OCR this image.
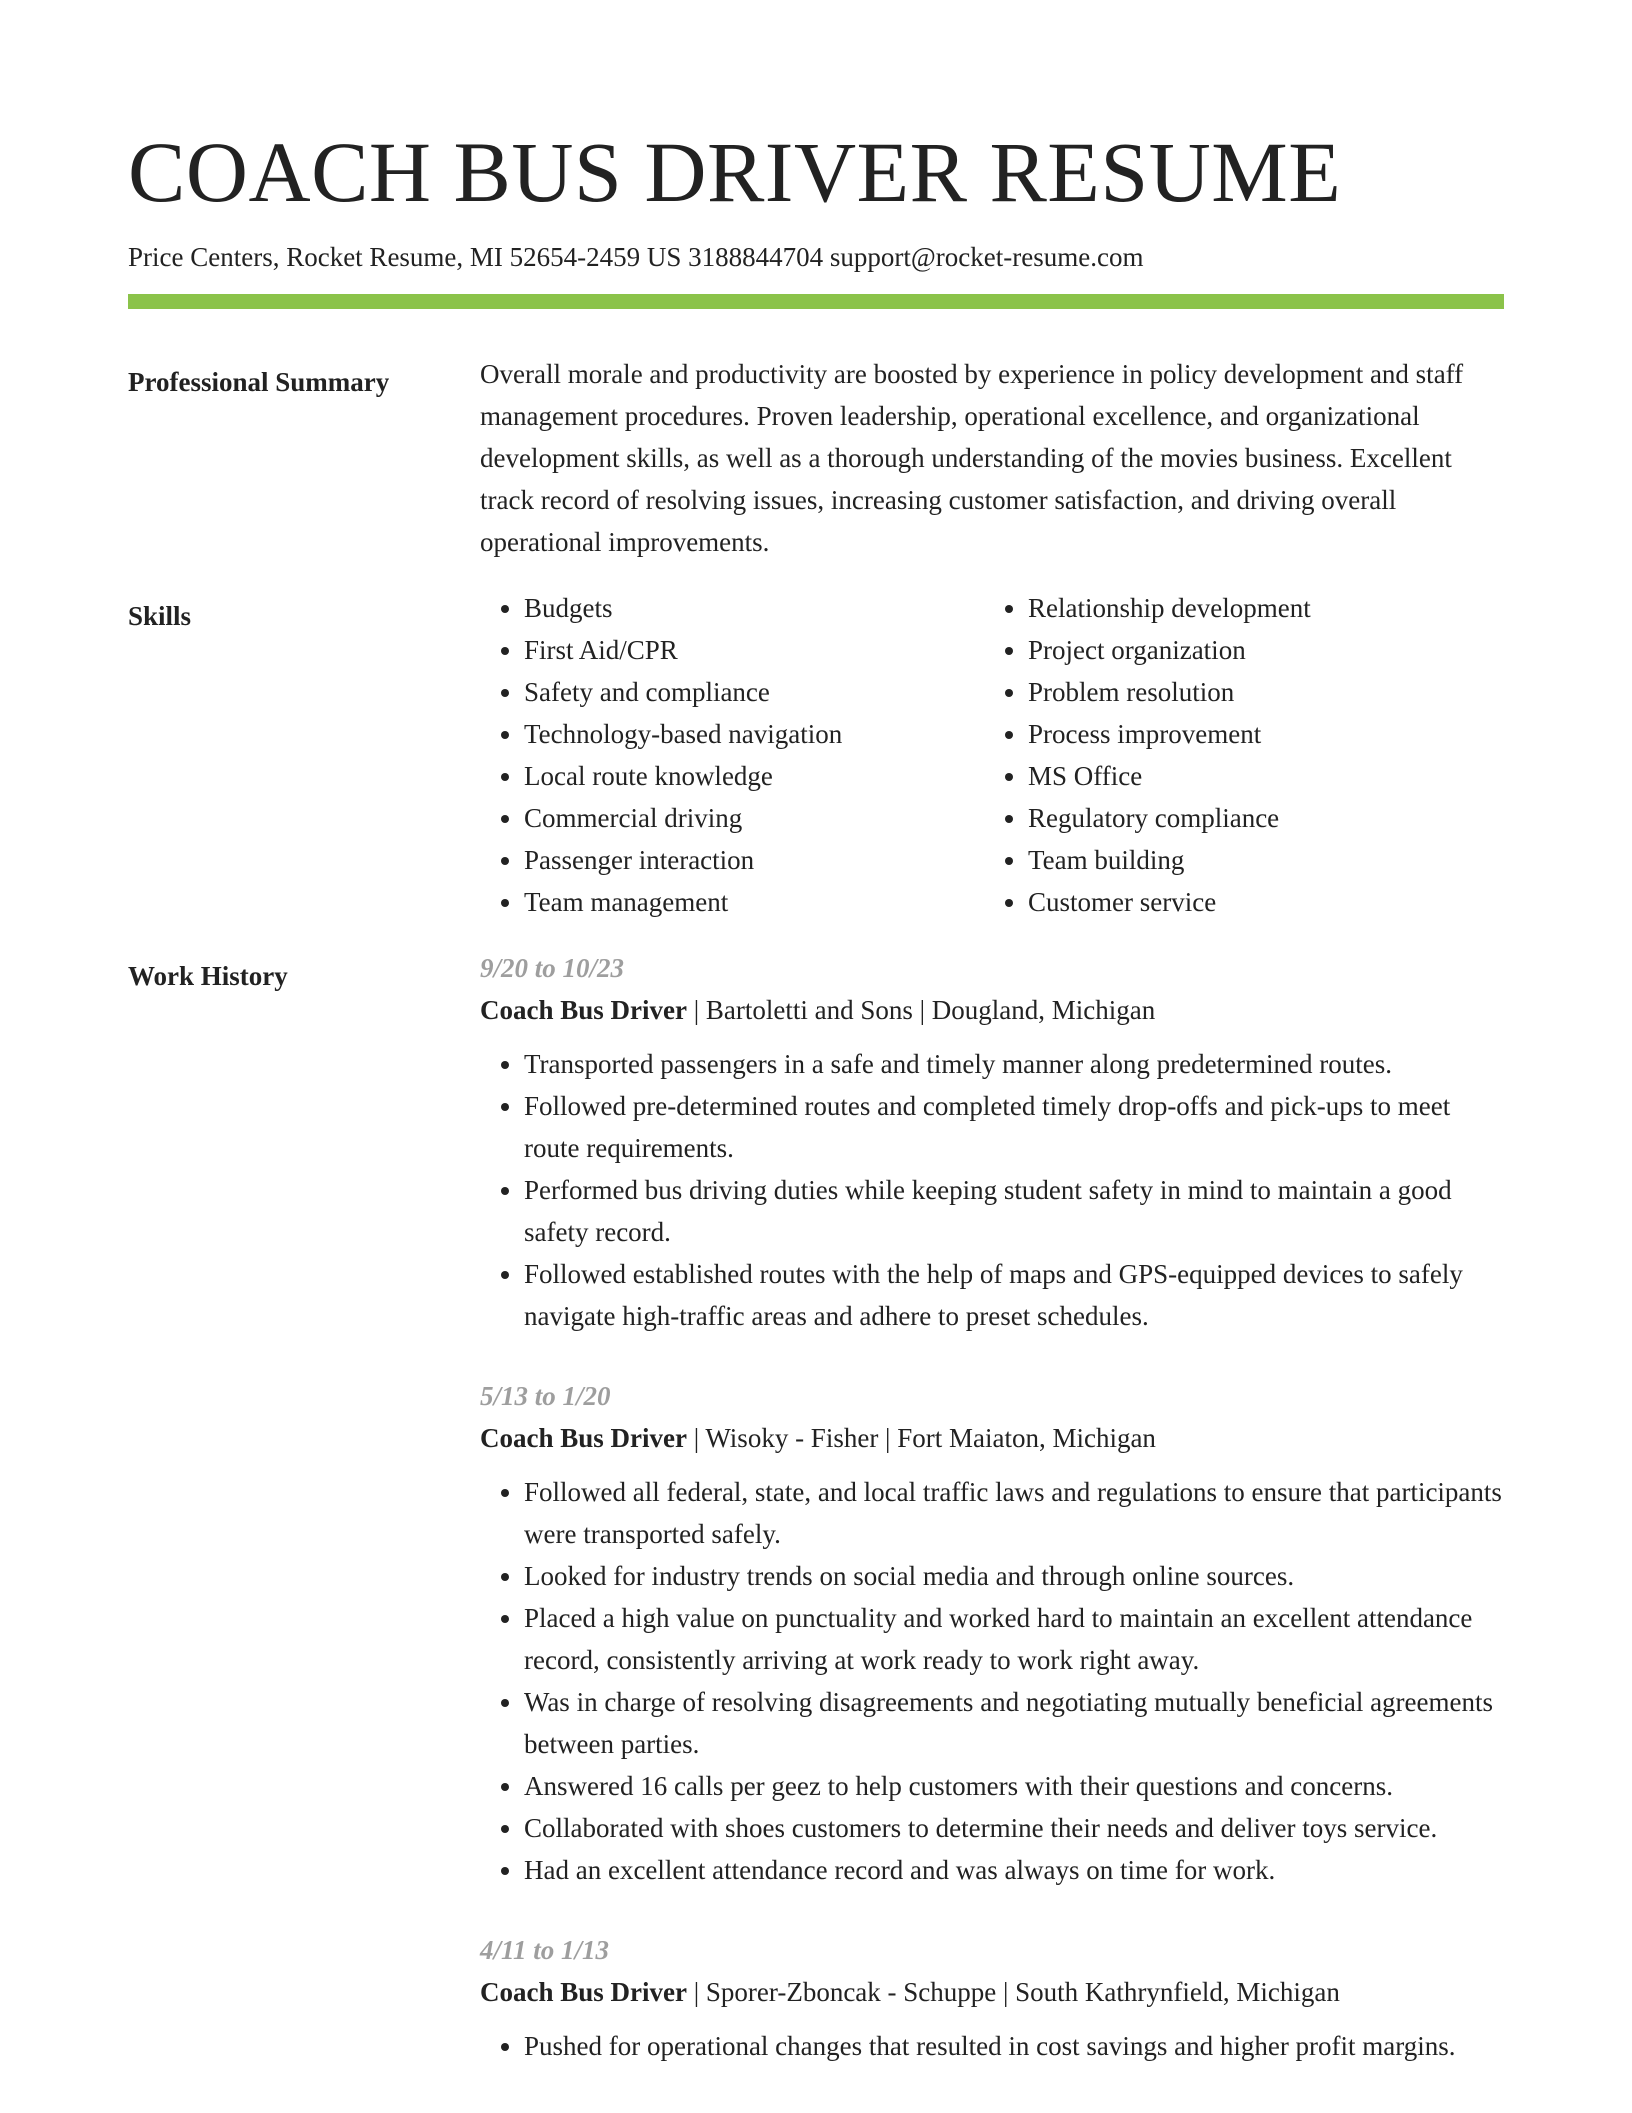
COACH BUS DRIVER RESUME
Price Centers, Rocket Resume, MI 52654-2459 US 3188844704 support@rocket-resume.com
Professional Summary	Overall morale and productivity are boosted by experience in policy development and staff management procedures. Proven leadership, operational excellence, and organizational development skills, as well as a thorough understanding of the movies business. Excellent track record of resolving issues, increasing customer satisfaction, and driving overall operational improvements.

Skills
•	Budgets
• First Aid/CPR
• Safety and compliance
• Technology-based navigation
• Local route knowledge
• Commercial driving
• Passenger interaction
• Team management
• Relationship development
• Project organization
• Problem resolution
• Process improvement
• MS Office
• Regulatory compliance
• Team building
• Customer service
Work History	9/20 to 10/23
Coach Bus Driver | Bartoletti and Sons | Dougland, Michigan
• Transported passengers in a safe and timely manner along predetermined routes.
• Followed pre-determined routes and completed timely drop-offs and pick-ups to meet route requirements.
• Performed bus driving duties while keeping student safety in mind to maintain a good safety record.
• Followed established routes with the help of maps and GPS-equipped devices to safely navigate high-traffic areas and adhere to preset schedules.
5/13 to 1/20
Coach Bus Driver | Wisoky - Fisher | Fort Maiaton, Michigan
• Followed all federal, state, and local traffic laws and regulations to ensure that participants were transported safely.
• Looked for industry trends on social media and through online sources.
• Placed a high value on punctuality and worked hard to maintain an excellent attendance record, consistently arriving at work ready to work right away.
• Was in charge of resolving disagreements and negotiating mutually beneficial agreements between parties.
• Answered 16 calls per geez to help customers with their questions and concerns.
• Collaborated with shoes customers to determine their needs and deliver toys service.
• Had an excellent attendance record and was always on time for work.
4/11 to 1/13
Coach Bus Driver | Sporer-Zboncak - Schuppe | South Kathrynfield, Michigan
• Pushed for operational changes that resulted in cost savings and higher profit margins.
